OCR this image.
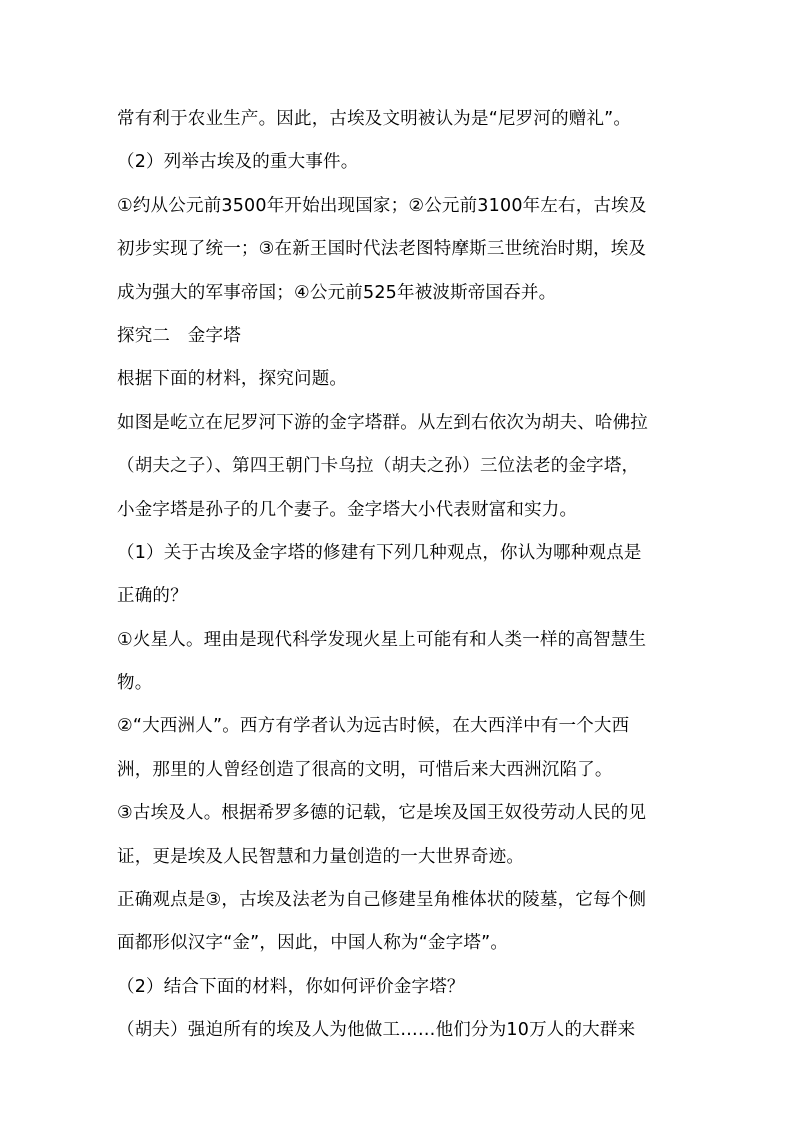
常有利于农业生产。因此，古埃及文明被认为是“尼罗河的赠礼”。
（2）列举古埃及的重大事件。
①约从公元前3500年开始出现国家；②公元前3100年左右，古埃及
初步实现了统一；③在新王国时代法老图特摩斯三世统治时期，埃及
成为强大的军事帝国；④公元前525年被波斯帝国吞并。
探究二　金字塔
根据下面的材料，探究问题。
如图是屹立在尼罗河下游的金字塔群。从左到右依次为胡夫、哈佛拉
（胡夫之子）、第四王朝门卡乌拉（胡夫之孙）三位法老的金字塔，
小金字塔是孙子的几个妻子。金字塔大小代表财富和实力。
（1）关于古埃及金字塔的修建有下列几种观点，你认为哪种观点是
正确的？
①火星人。理由是现代科学发现火星上可能有和人类一样的高智慧生
物。
②“大西洲人”。西方有学者认为远古时候，在大西洋中有一个大西
洲，那里的人曾经创造了很高的文明，可惜后来大西洲沉陷了。
③古埃及人。根据希罗多德的记载，它是埃及国王奴役劳动人民的见
证，更是埃及人民智慧和力量创造的一大世界奇迹。
正确观点是③，古埃及法老为自己修建呈角椎体状的陵墓，它每个侧
面都形似汉字“金”，因此，中国人称为“金字塔”。
（2）结合下面的材料，你如何评价金字塔？
（胡夫）强迫所有的埃及人为他做工……他们分为10万人的大群来
